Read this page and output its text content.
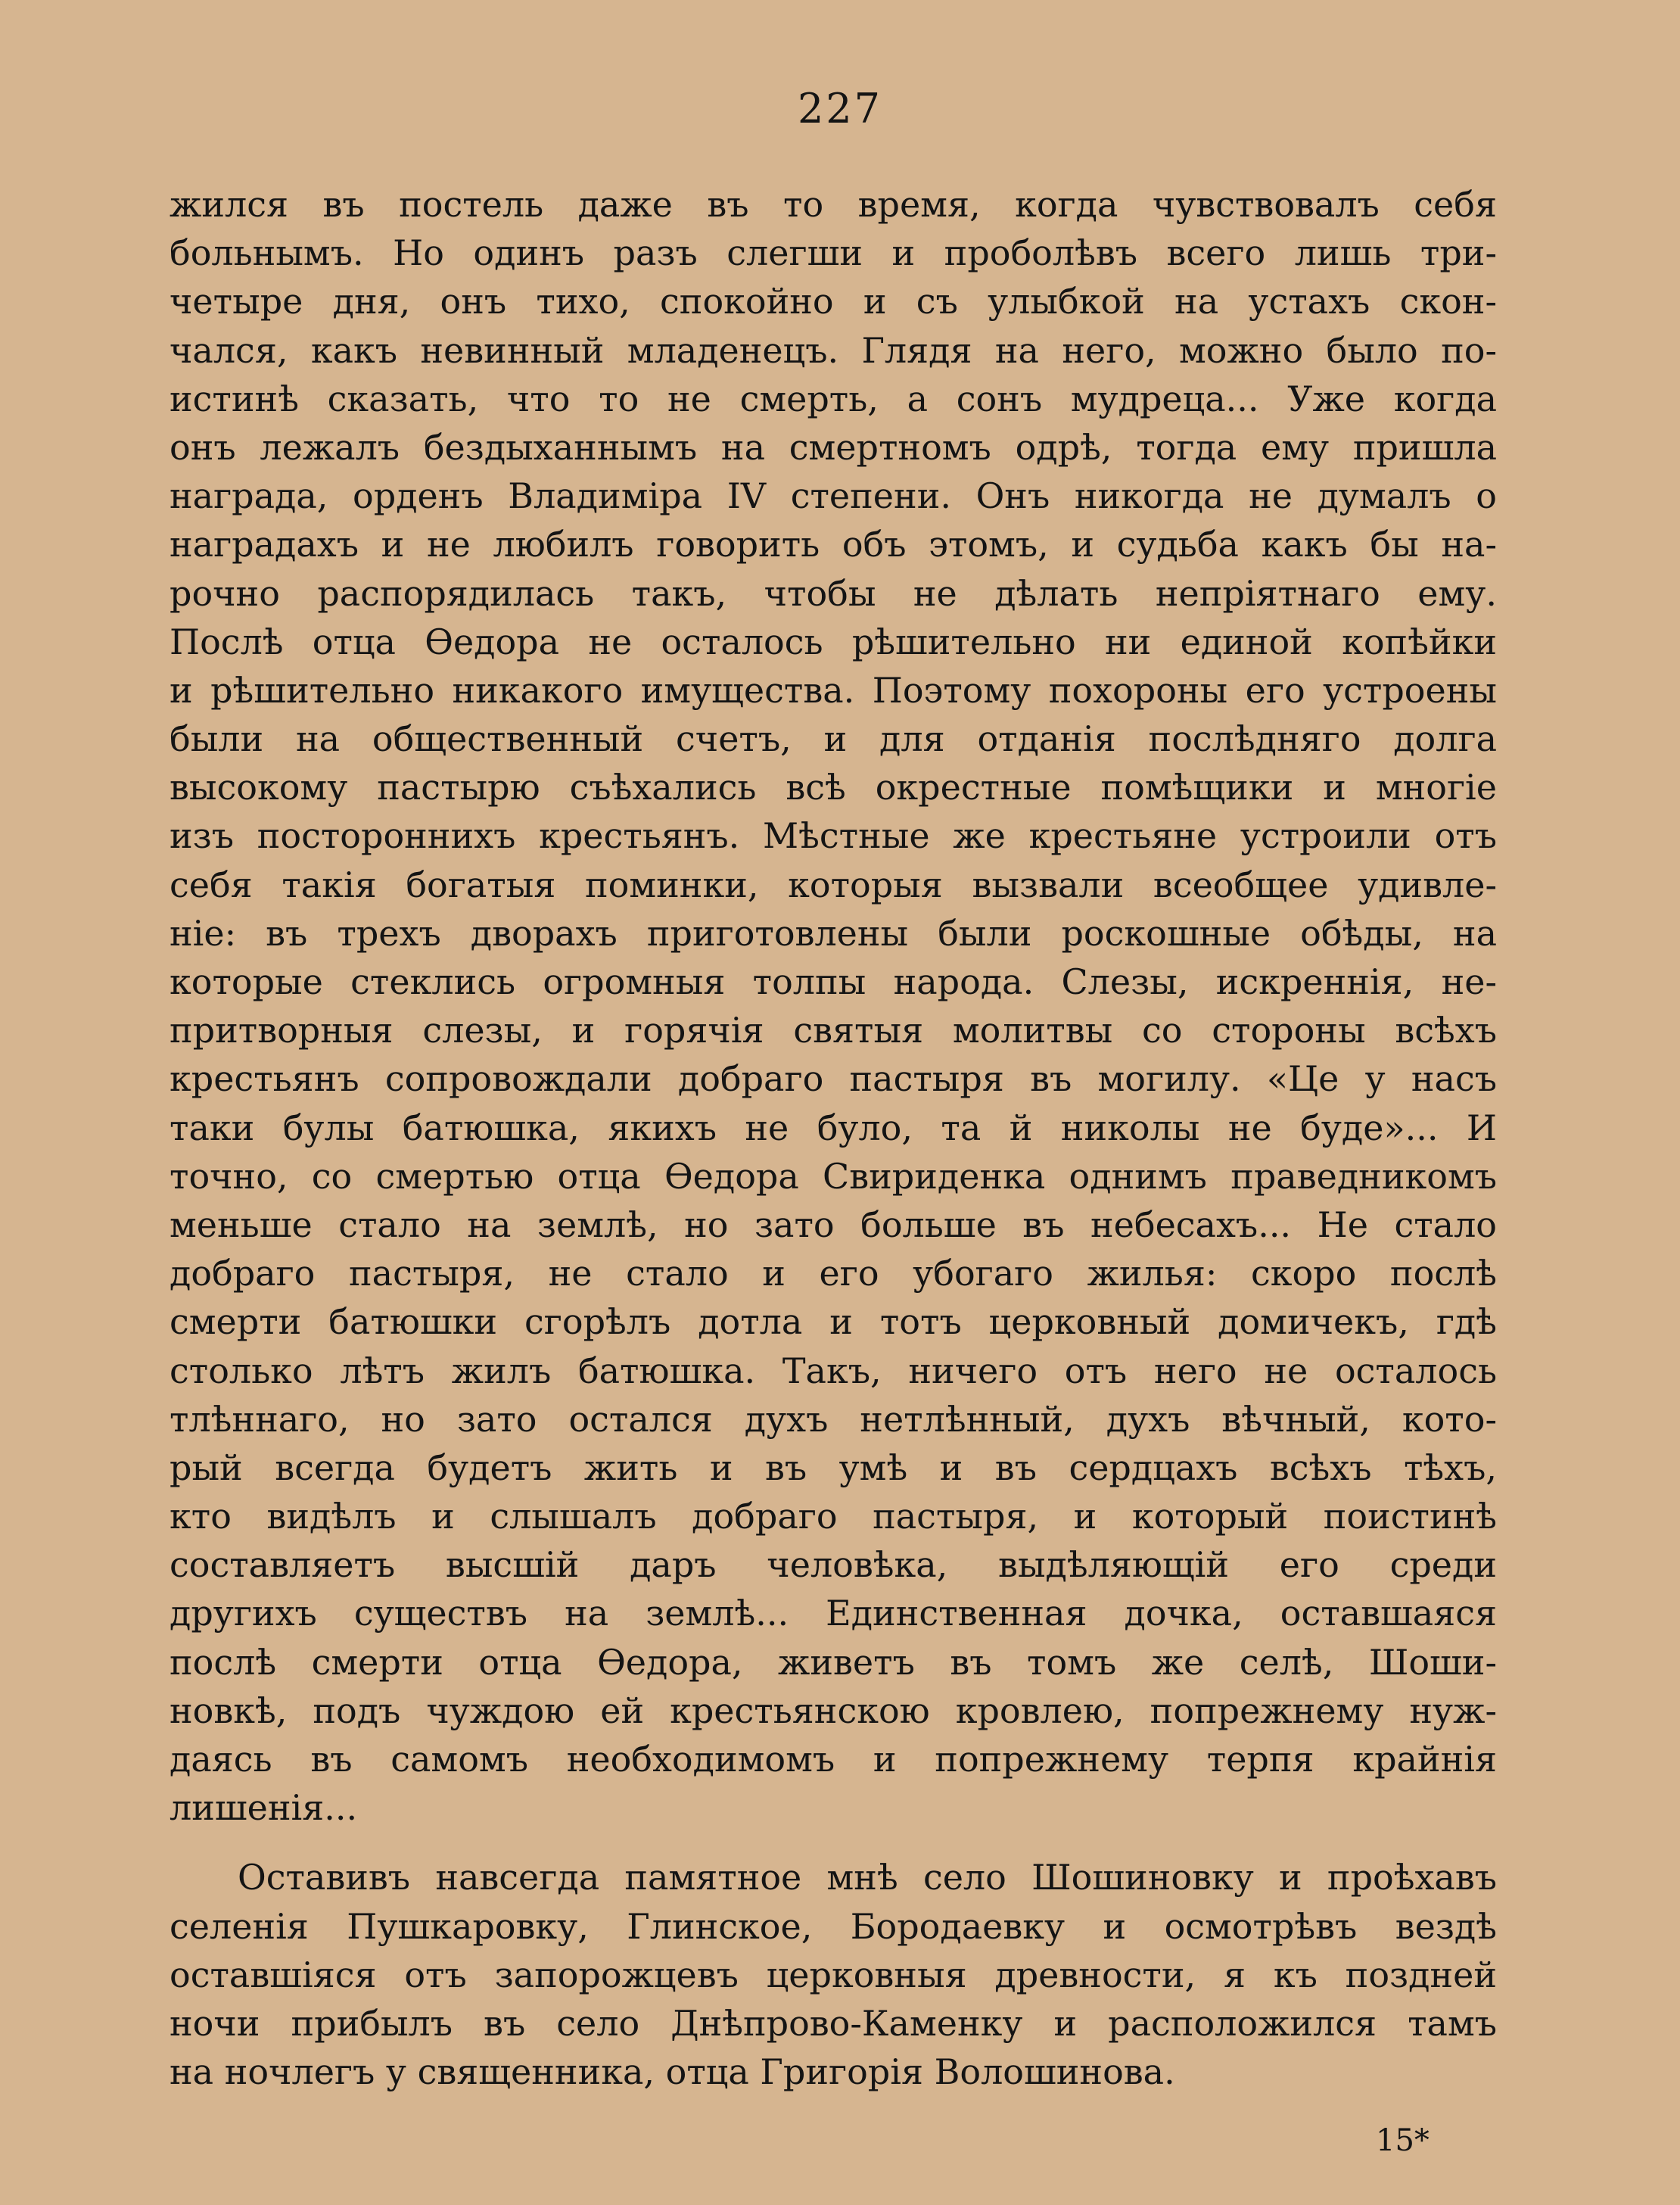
227
жился въ постель даже въ то время, когда чувствовалъ себя
больнымъ. Но одинъ разъ слегши и проболѣвъ всего лишь три-
четыре дня, онъ тихо, спокойно и съ улыбкой на устахъ скон-
чался, какъ невинный младенецъ. Глядя на него, можно было по-
истинѣ сказать, что то не смерть, а сонъ мудреца... Уже когда
онъ лежалъ бездыханнымъ на смертномъ одрѣ, тогда ему пришла
награда, орденъ Владиміра IV степени. Онъ никогда не думалъ о
наградахъ и не любилъ говорить объ этомъ, и судьба какъ бы на-
рочно распорядилась такъ, чтобы не дѣлать непріятнаго ему.
Послѣ отца Ѳедора не осталось рѣшительно ни единой копѣйки
и рѣшительно никакого имущества. Поэтому похороны его устроены
были на общественный счетъ, и для отданія послѣдняго долга
высокому пастырю съѣхались всѣ окрестные помѣщики и многіе
изъ постороннихъ крестьянъ. Мѣстные же крестьяне устроили отъ
себя такія богатыя поминки, которыя вызвали всеобщее удивле-
ніе: въ трехъ дворахъ приготовлены были роскошные обѣды, на
которые стеклись огромныя толпы народа. Слезы, искреннія, не-
притворныя слезы, и горячія святыя молитвы со стороны всѣхъ
крестьянъ сопровождали добраго пастыря въ могилу. «Це у насъ
таки булы батюшка, якихъ не було, та й николы не буде»... И
точно, со смертью отца Ѳедора Свириденка однимъ праведникомъ
меньше стало на землѣ, но зато больше въ небесахъ... Не стало
добраго пастыря, не стало и его убогаго жилья: скоро послѣ
смерти батюшки сгорѣлъ дотла и тотъ церковный домичекъ, гдѣ
столько лѣтъ жилъ батюшка. Такъ, ничего отъ него не осталось
тлѣннаго, но зато остался духъ нетлѣнный, духъ вѣчный, кото-
рый всегда будетъ жить и въ умѣ и въ сердцахъ всѣхъ тѣхъ,
кто видѣлъ и слышалъ добраго пастыря, и который поистинѣ
составляетъ высшій даръ человѣка, выдѣляющій его среди
другихъ существъ на землѣ... Единственная дочка, оставшаяся
послѣ смерти отца Ѳедора, живетъ въ томъ же селѣ, Шоши-
новкѣ, подъ чуждою ей крестьянскою кровлею, попрежнему нуж-
даясь въ самомъ необходимомъ и попрежнему терпя крайнія
лишенія...
Оставивъ навсегда памятное мнѣ село Шошиновку и проѣхавъ
селенія Пушкаровку, Глинское, Бородаевку и осмотрѣвъ вездѣ
оставшіяся отъ запорожцевъ церковныя древности, я къ поздней
ночи прибылъ въ село Днѣпрово-Каменку и расположился тамъ
на ночлегъ у священника, отца Григорія Волошинова.
15*
